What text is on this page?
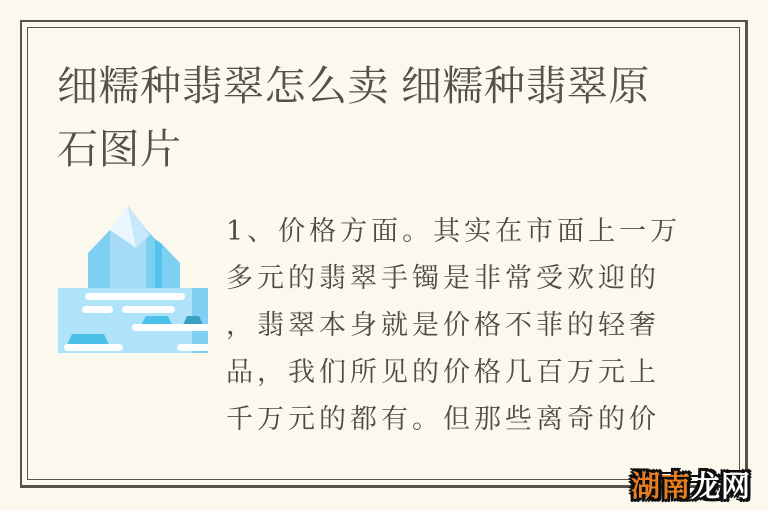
细糯种翡翠怎么卖 细糯种翡翠原
石图片
1、价格方面。其实在市面上一万
多元的翡翠手镯是非常受欢迎的
，翡翠本身就是价格不菲的轻奢
品，我们所见的价格几百万元上
千万元的都有。但那些离奇的价
湖南龙网
